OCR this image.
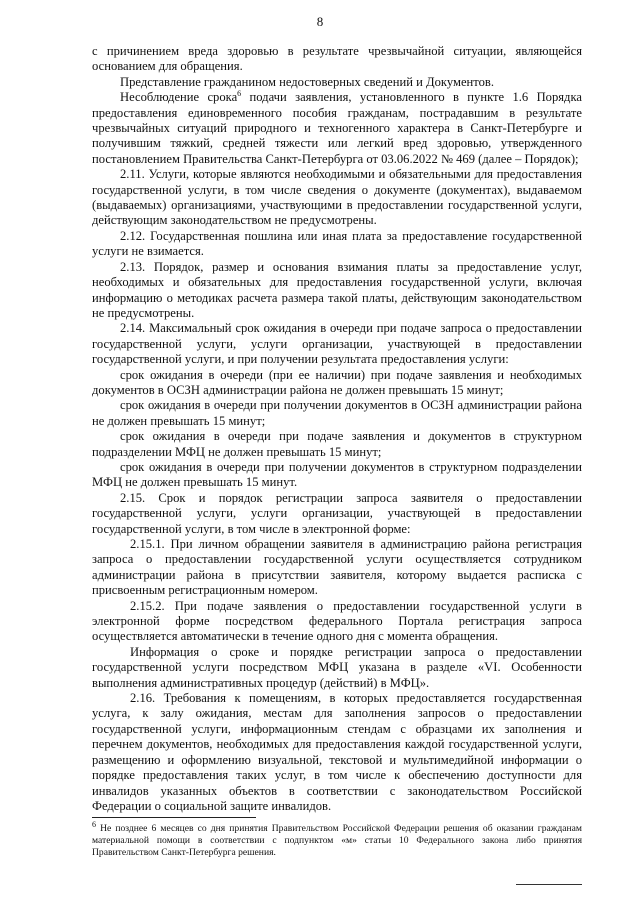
8

с причинением вреда здоровью в результате чрезвычайной ситуации, являющейся основанием для обращения.

Представление гражданином недостоверных сведений и Документов.

Несоблюдение срока$^6$ подачи заявления, установленного в пункте 1.6 Порядка предоставления единовременного пособия гражданам, пострадавшим в результате чрезвычайных ситуаций природного и техногенного характера в Санкт-Петербурге и получившим тяжкий, средней тяжести или легкий вред здоровью, утвержденного постановлением Правительства Санкт-Петербурга от 03.06.2022 № 469 (далее – Порядок);

2.11. Услуги, которые являются необходимыми и обязательными для предоставления государственной услуги, в том числе сведения о документе (документах), выдаваемом (выдаваемых) организациями, участвующими в предоставлении государственной услуги, действующим законодательством не предусмотрены.

2.12. Государственная пошлина или иная плата за предоставление государственной услуги не взимается.

2.13. Порядок, размер и основания взимания платы за предоставление услуг, необходимых и обязательных для предоставления государственной услуги, включая информацию о методиках расчета размера такой платы, действующим законодательством не предусмотрены.

2.14. Максимальный срок ожидания в очереди при подаче запроса о предоставлении государственной услуги, услуги организации, участвующей в предоставлении государственной услуги, и при получении результата предоставления услуги:

срок ожидания в очереди (при ее наличии) при подаче заявления и необходимых документов в ОСЗН администрации района не должен превышать 15 минут;

срок ожидания в очереди при получении документов в ОСЗН администрации района не должен превышать 15 минут;

срок ожидания в очереди при подаче заявления и документов в структурном подразделении МФЦ не должен превышать 15 минут;

срок ожидания в очереди при получении документов в структурном подразделении МФЦ не должен превышать 15 минут.

2.15. Срок и порядок регистрации запроса заявителя о предоставлении государственной услуги, услуги организации, участвующей в предоставлении государственной услуги, в том числе в электронной форме:

2.15.1. При личном обращении заявителя в администрацию района регистрация запроса о предоставлении государственной услуги осуществляется сотрудником администрации района в присутствии заявителя, которому выдается расписка с присвоенным регистрационным номером.

2.15.2. При подаче заявления о предоставлении государственной услуги в электронной форме посредством федерального Портала регистрация запроса осуществляется автоматически в течение одного дня с момента обращения.

Информация о сроке и порядке регистрации запроса о предоставлении государственной услуги посредством МФЦ указана в разделе «VI. Особенности выполнения административных процедур (действий) в МФЦ».

2.16. Требования к помещениям, в которых предоставляется государственная услуга, к залу ожидания, местам для заполнения запросов о предоставлении государственной услуги, информационным стендам с образцами их заполнения и перечнем документов, необходимых для предоставления каждой государственной услуги, размещению и оформлению визуальной, текстовой и мультимедийной информации о порядке предоставления таких услуг, в том числе к обеспечению доступности для инвалидов указанных объектов в соответствии с законодательством Российской Федерации о социальной защите инвалидов.

$^6$ Не позднее 6 месяцев со дня принятия Правительством Российской Федерации решения об оказании гражданам материальной помощи в соответствии с подпунктом «м» статьи 10 Федерального закона либо принятия Правительством Санкт-Петербурга решения.
